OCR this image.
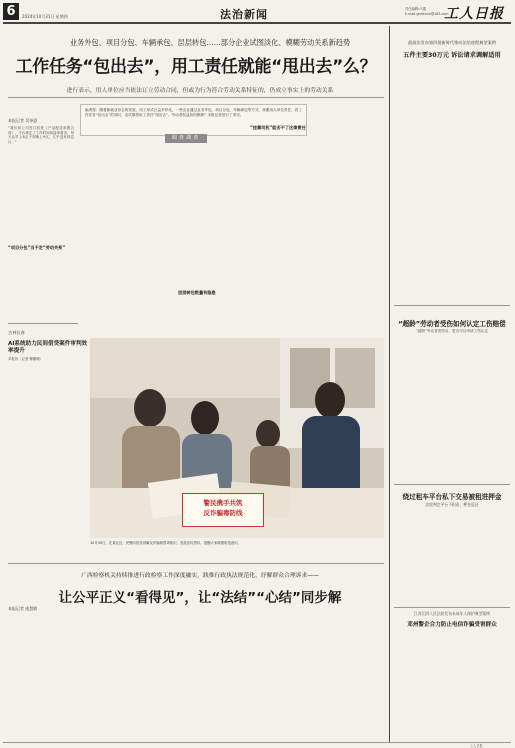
6	2024年10月31日 星期四	法治新闻	责任编辑:卢越
E-mail:grrbfzxw@163.com
工人日报
业务外包、项目分包、车辆承包、层层转包……部分企业试图淡化、模糊劳动关系新趋势
工作任务“包出去”，用工责任就能“甩出去”么？
进行表示，用人单位应当依法订立劳动合同，但或为行为符合劳动关系特征的，仍成立事实上的劳动关系
本报记者 吴铎思
编者按：随着新就业形态的发展，用工形式日益多样化，一些企业通过业务外包、项目分包、车辆承包等方式，规避用人单位责任，将工作任务“包出去”的同时，也试图将用工责任“甩出去”。劳动者权益如何保障？本报记者进行了采访。
调查调查
“我们和公司签订的是《产品配送承揽合同》，平台规定了工作时间和接单要求，每天从早上8点干到晚上9点，几乎没有休息日。”
“项目分包”当不走“劳动关系”
层层转包数量有隐患
“挂靠司机”能否不了这律责任
吉林长春
AI系统助力民间借贷案件审判效率提升
本报讯（记者 柳姗姗）
警民携手共筑
反诈骗毒防线
10月30日，在某社区，民警向居民讲解反诈骗和禁毒知识，发放宣传资料，提醒大家增强防范意识。
广西检察机关持续推进行政检察工作深度融实，践推行政执法规范化，纾解群众合理诉求——
让公平正义“看得见”，让“法结”“心结”同步解
本报记者 庞慧敏
最高法发布第四批新时代推动法治进程典型案例
五件主要30万元 诉讼请求调解适用
“超龄”劳动者受伤如何认定工伤赔偿
“超龄”劳动者受伤后，是否可以申请工伤认定
绕过租车平台私下交易被租进押金
法院判定平台不担责，押金返还
江苏江阴人民法院发布未成年人保护典型案例
邓州警企合力防止电信诈骗受害群众
工人日报
